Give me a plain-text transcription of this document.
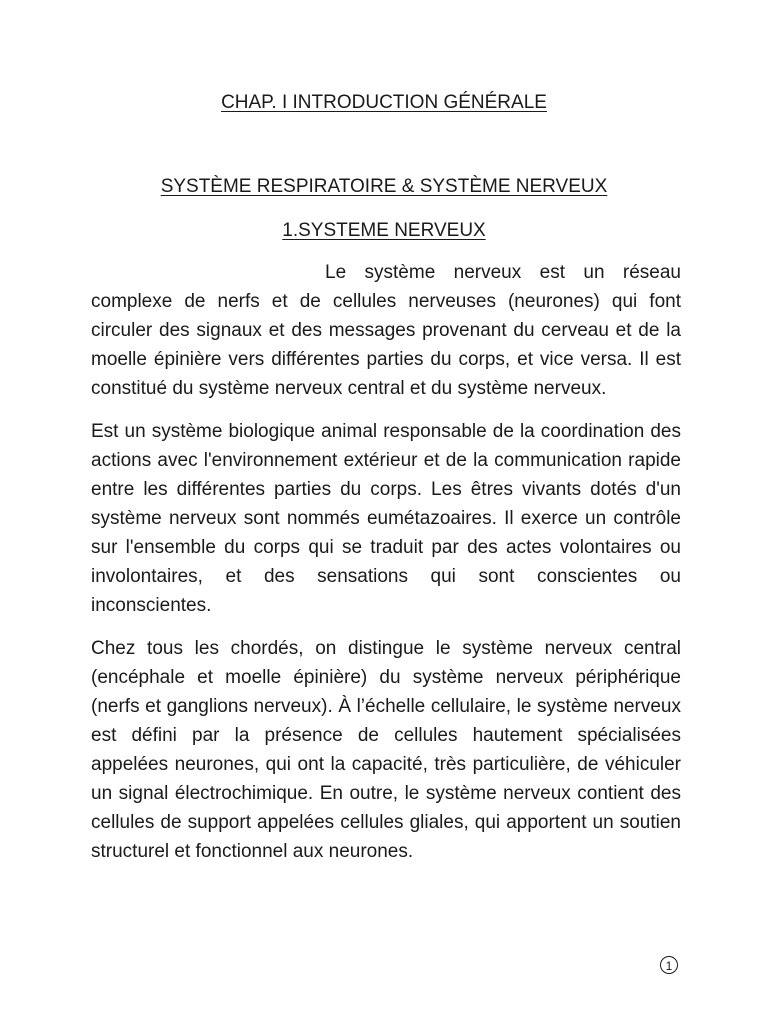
CHAP. I INTRODUCTION GÉNÉRALE
SYSTÈME RESPIRATOIRE & SYSTÈME NERVEUX
1.SYSTEME NERVEUX

Le système nerveux est un réseau complexe de nerfs et de cellules nerveuses (neurones) qui font circuler des signaux et des messages provenant du cerveau et de la moelle épinière vers différentes parties du corps, et vice versa. Il est constitué du système nerveux central et du système nerveux.

Est un système biologique animal responsable de la coordination des actions avec l'environnement extérieur et de la communication rapide entre les différentes parties du corps. Les êtres vivants dotés d'un système nerveux sont nommés eumétazoaires. Il exerce un contrôle sur l'ensemble du corps qui se traduit par des actes volontaires ou involontaires, et des sensations qui sont conscientes ou inconscientes.

Chez tous les chordés, on distingue le système nerveux central (encéphale et moelle épinière) du système nerveux périphérique (nerfs et ganglions nerveux). À l’échelle cellulaire, le système nerveux est défini par la présence de cellules hautement spécialisées appelées neurones, qui ont la capacité, très particulière, de véhiculer un signal électrochimique. En outre, le système nerveux contient des cellules de support appelées cellules gliales, qui apportent un soutien structurel et fonctionnel aux neurones.

1
